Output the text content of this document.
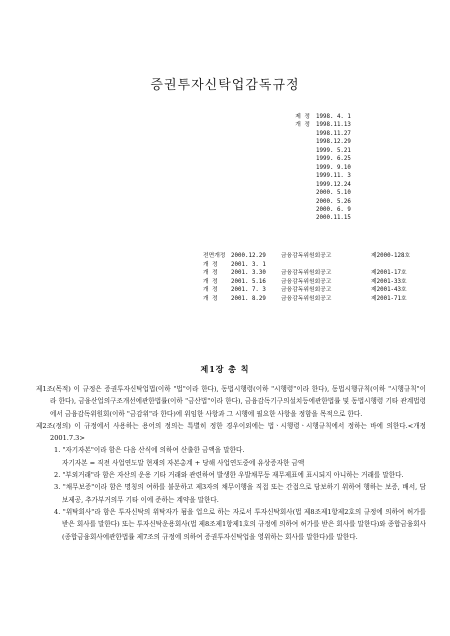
증권투자신탁업감독규정
제 정	1998. 4. 1
개 정	1998.11.13
1998.11.27
1998.12.29
1999. 5.21
1999. 6.25
1999. 9.10
1999.11. 3
1999.12.24
2000. 5.10
2000. 5.26
2000. 6. 9
2000.11.15
전면개정 2000.12.29	금융감독위원회공고	제2000-128호
개 정	2001. 3. 1
개 정	2001. 3.30	금융감독위원회공고	제2001-17호
개 정	2001. 5.16	금융감독위원회공고	제2001-33호
개 정	2001. 7. 3	금융감독위원회공고	제2001-43호
개 정	2001. 8.29	금융감독위원회공고	제2001-71호
제1장 총 칙

제1조(목적) 이 규정은 증권투자신탁업법(이하 "법"이라 한다), 동법시행령(이하 "시행령"이라 한다), 동법시행규칙(이하 "시행규칙"이라 한다), 금융산업의구조개선에관한법률(이하 "금산법"이라 한다), 금융감독기구의설치등에관한법률 및 동법시행령 기타 관계법령에서 금융감독위원회(이하 "금감위"라 한다)에 위임한 사항과 그 시행에 필요한 사항을 정함을 목적으로 한다.

제2조(정의) 이 규정에서 사용하는 용어의 정의는 특별히 정한 경우이외에는 법ㆍ시행령ㆍ시행규칙에서 정하는 바에 의한다.<개정 2001.7.3>

1. "자기자본"이라 함은 다음 산식에 의하여 산출한 금액을 말한다.

자기자본 = 직전 사업연도말 현재의 자본총계 + 당해 사업연도중에 유상증자한 금액

2. "부외거래"라 함은 자산의 운용 기타 거래와 관련하여 발생한 우발채무등 재무제표에 표시되지 아니하는 거래를 말한다.

3. "채무보증"이라 함은 명칭의 여하를 불문하고 제3자의 채무이행을 직접 또는 간접으로 담보하기 위하여 행하는 보증, 배서, 담보제공, 추가부거의무 기타 이에 준하는 계약을 말한다.

4. "위탁회사"라 함은 투자신탁의 위탁자가 됨을 업으로 하는 자로서 투자신탁회사(법 제8조제1항제2호의 규정에 의하여 허가를 받은 회사를 말한다) 또는 투자신탁운용회사(법 제8조제1항제1호의 규정에 의하여 허가를 받은 회사를 말한다)와 종합금융회사(종합금융회사에관한법률 제7조의 규정에 의하여 증권투자신탁업을 영위하는 회사를 말한다)를 말한다.
